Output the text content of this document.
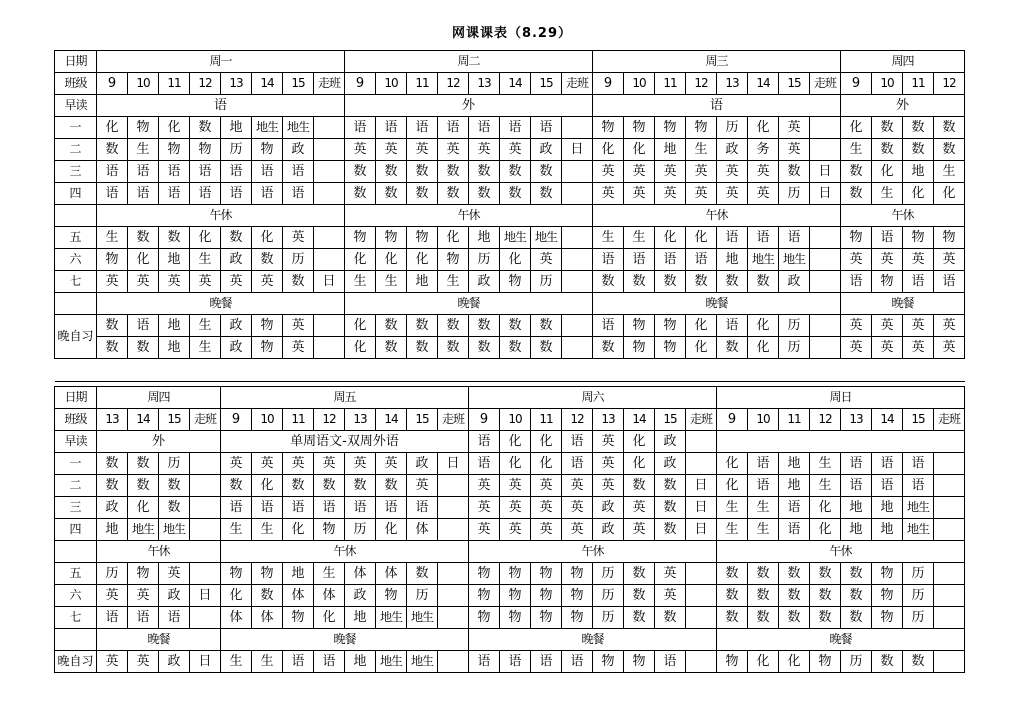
网课课表（8.29）
日期	周一								周二								周三								周四			
班级	9	10	11	12	13	14	15	走班	9	10	11	12	13	14	15	走班	9	10	11	12	13	14	15	走班	9	10	11	12
早读	语								外								语								外			
一	化	物	化	数	地	地生	地生		语	语	语	语	语	语	语		物	物	物	物	历	化	英		化	数	数	数
二	数	生	物	物	历	物	政		英	英	英	英	英	英	政	日	化	化	地	生	政	务	英		生	数	数	数
三	语	语	语	语	语	语	语		数	数	数	数	数	数	数		英	英	英	英	英	英	数	日	数	化	地	生
四	语	语	语	语	语	语	语		数	数	数	数	数	数	数		英	英	英	英	英	英	历	日	数	生	化	化
	午休								午休								午休								午休			
五	生	数	数	化	数	化	英		物	物	物	化	地	地生	地生		生	生	化	化	语	语	语		物	语	物	物
六	物	化	地	生	政	数	历		化	化	化	物	历	化	英		语	语	语	语	地	地生	地生		英	英	英	英
七	英	英	英	英	英	英	数	日	生	生	地	生	政	物	历		数	数	数	数	数	数	政		语	物	语	语
	晚餐								晚餐								晚餐								晚餐			
晚自习	数	语	地	生	政	物	英		化	数	数	数	数	数	数		语	物	物	化	语	化	历		英	英	英	英
	数	数	地	生	政	物	英		化	数	数	数	数	数	数		数	物	物	化	数	化	历		英	英	英	英

日期	周四				周五								周六								周日							
班级	13	14	15	走班	9	10	11	12	13	14	15	走班	9	10	11	12	13	14	15	走班	9	10	11	12	13	14	15	走班
早读	外				单周语文-双周外语								语	化	化	语	英	化	政									
一	数	数	历		英	英	英	英	英	英	政	日	语	化	化	语	英	化	政		化	语	地	生	语	语	语	
二	数	数	数		数	化	数	数	数	数	英		英	英	英	英	英	数	数	日	化	语	地	生	语	语	语	
三	政	化	数		语	语	语	语	语	语	语		英	英	英	英	政	英	数	日	生	生	语	化	地	地	地生	
四	地	地生	地生		生	生	化	物	历	化	体		英	英	英	英	政	英	数	日	生	生	语	化	地	地	地生	
	午休				午休								午休								午休							
五	历	物	英		物	物	地	生	体	体	数		物	物	物	物	历	数	英		数	数	数	数	数	物	历	
六	英	英	政	日	化	数	体	体	政	物	历		物	物	物	物	历	数	英		数	数	数	数	数	物	历	
七	语	语	语		体	体	物	化	地	地生	地生		物	物	物	物	历	数	数		数	数	数	数	数	物	历	
	晚餐				晚餐								晚餐								晚餐							
晚自习	英	英	政	日	生	生	语	语	地	地生	地生		语	语	语	语	物	物	语		物	化	化	物	历	数	数	
